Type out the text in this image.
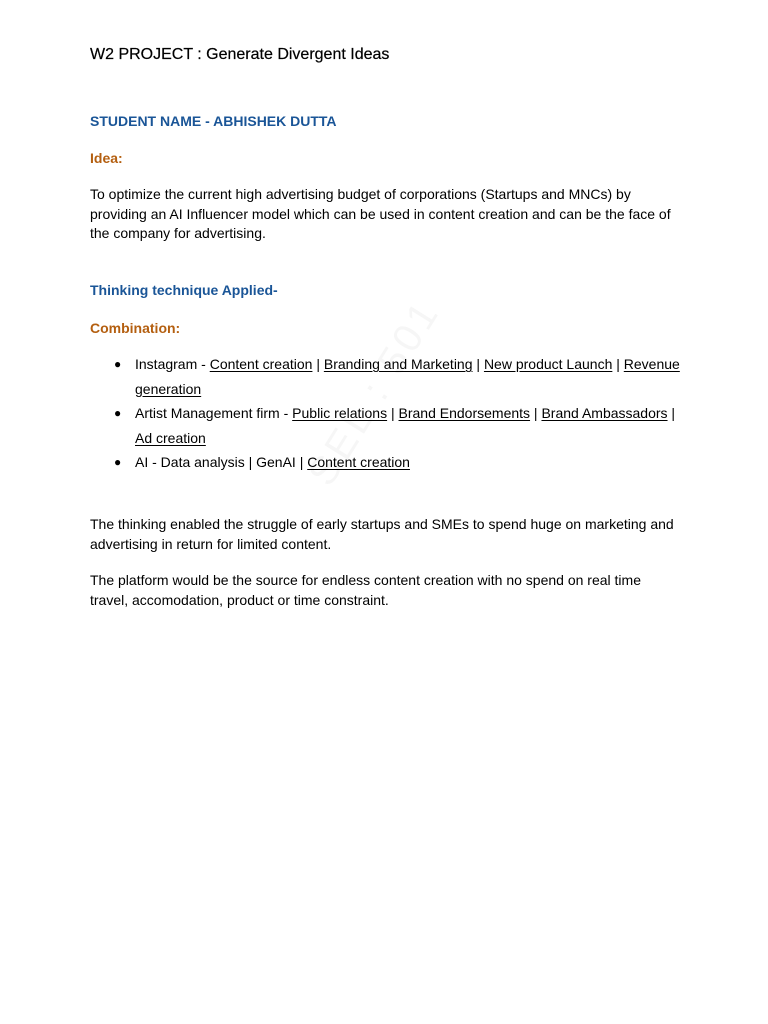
W2 PROJECT : Generate Divergent Ideas

STUDENT NAME - ABHISHEK DUTTA

Idea:

To optimize the current high advertising budget of corporations (Startups and MNCs) by providing an AI Influencer model which can be used in content creation and can be the face of the company for advertising.

Thinking technique Applied-

Combination:

● Instagram - Content creation | Branding and Marketing | New product Launch | Revenue generation
● Artist Management firm - Public relations | Brand Endorsements | Brand Ambassadors | Ad creation
● AI - Data analysis | GenAI | Content creation

The thinking enabled the struggle of early startups and SMEs to spend huge on marketing and advertising in return for limited content.

The platform would be the source for endless content creation with no spend on real time travel, accomodation, product or time constraint.
